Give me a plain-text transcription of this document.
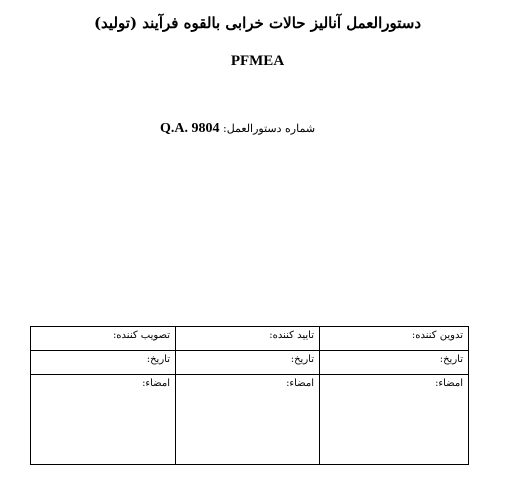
دستورالعمل آنالیز حالات خرابی بالقوه فرآیند (تولید)
PFMEA
شماره دستورالعمل: Q.A. 9804
تدوین کننده:	تایید کننده:	تصویب کننده:
تاریخ:	تاریخ:	تاریخ:
امضاء:	امضاء:	امضاء:
